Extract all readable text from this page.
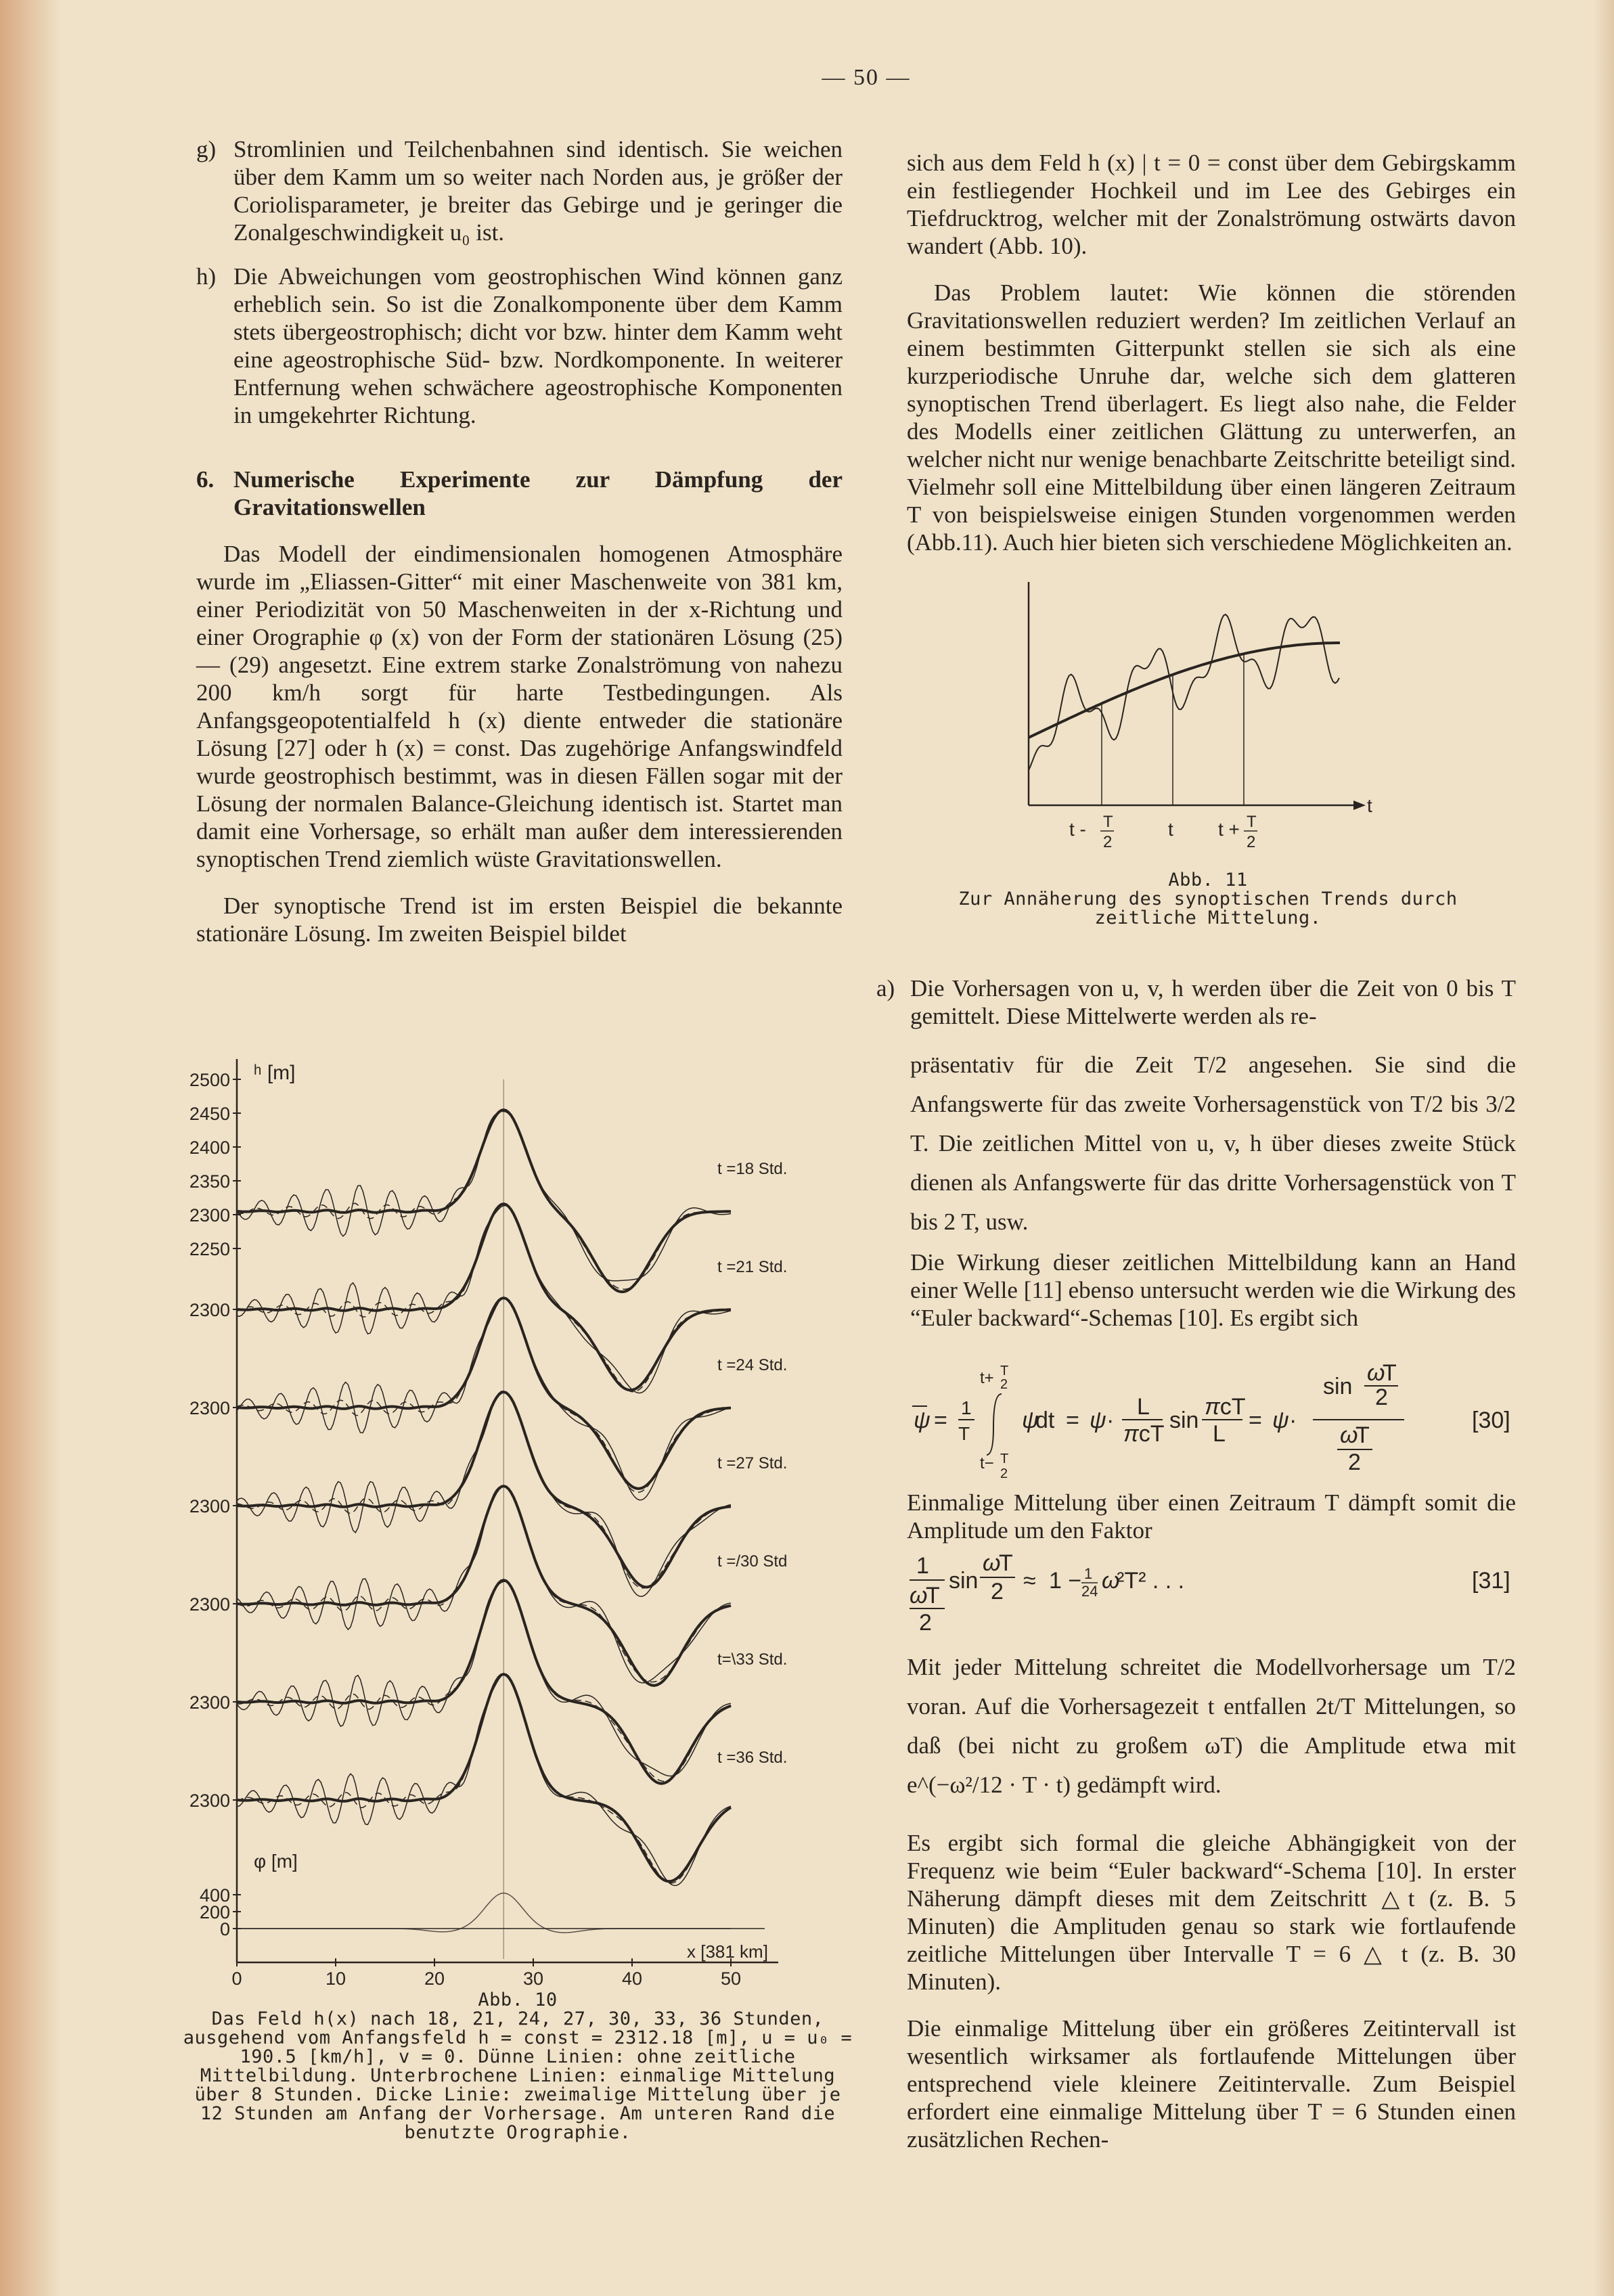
— 50 —
g) Stromlinien und Teilchenbahnen sind identisch. Sie weichen über dem Kamm um so weiter nach Norden aus, je größer der Coriolisparameter, je breiter das Gebirge und je geringer die Zonalgeschwindigkeit u₀ ist.
h) Die Abweichungen vom geostrophischen Wind können ganz erheblich sein. So ist die Zonalkomponente über dem Kamm stets übergeostrophisch; dicht vor bzw. hinter dem Kamm weht eine ageostrophische Süd- bzw. Nordkomponente. In weiterer Entfernung wehen schwächere ageostrophische Komponenten in umgekehrter Richtung.
6. Numerische Experimente zur Dämpfung der Gravitationswellen

Das Modell der eindimensionalen homogenen Atmosphäre wurde im „Eliassen-Gitter“ mit einer Maschenweite von 381 km, einer Periodizität von 50 Maschenweiten in der x-Richtung und einer Orographie φ (x) von der Form der stationären Lösung (25) — (29) angesetzt. Eine extrem starke Zonalströmung von nahezu 200 km/h sorgt für harte Testbedingungen. Als Anfangsgeopotentialfeld h (x) diente entweder die stationäre Lösung [27] oder h (x) = const. Das zugehörige Anfangswindfeld wurde geostrophisch bestimmt, was in diesen Fällen sogar mit der Lösung der normalen Balance-Gleichung identisch ist. Startet man damit eine Vorhersage, so erhält man außer dem interessierenden synoptischen Trend ziemlich wüste Gravitationswellen.

Der synoptische Trend ist im ersten Beispiel die bekannte stationäre Lösung. Im zweiten Beispiel bildet

ʰ [m]
2500
2450
2400
2350
2300
2250
t =18 Std.
2300
t =21 Std.
2300
t =24 Std.
2300
t =27 Std.
2300
t =/30 Std
2300
t=\33 Std.
2300
t =36 Std.
φ [m]
400
200
0
0	10	20	30	40	50
x [381 km]
Abb. 10
Das Feld h(x) nach 18, 21, 24, 27, 30, 33, 36 Stunden, ausgehend vom Anfangsfeld h = const = 2312.18 [m], u = u₀ = 190.5 [km/h], v = 0. Dünne Linien: ohne zeitliche Mittelbildung. Unterbrochene Linien: einmalige Mittelung über 8 Stunden. Dicke Linie: zweimalige Mittelung über je 12 Stunden am Anfang der Vorhersage. Am unteren Rand die benutzte Orographie.

sich aus dem Feld h (x) | t = 0 = const über dem Gebirgskamm ein festliegender Hochkeil und im Lee des Gebirges ein Tiefdrucktrog, welcher mit der Zonalströmung ostwärts davon wandert (Abb. 10).

Das Problem lautet: Wie können die störenden Gravitationswellen reduziert werden? Im zeitlichen Verlauf an einem bestimmten Gitterpunkt stellen sie sich als eine kurzperiodische Unruhe dar, welche sich dem glatteren synoptischen Trend überlagert. Es liegt also nahe, die Felder des Modells einer zeitlichen Glättung zu unterwerfen, an welcher nicht nur wenige benachbarte Zeitschritte beteiligt sind. Vielmehr soll eine Mittelbildung über einen längeren Zeitraum T von beispielsweise einigen Stunden vorgenommen werden (Abb.11). Auch hier bieten sich verschiedene Möglichkeiten an.

t - T
2
t t + T
2
t
Abb. 11
Zur Annäherung des synoptischen Trends durch zeitliche Mittelung.
a) Die Vorhersagen von u, v, h werden über die Zeit von 0 bis T gemittelt. Diese Mittelwerte werden als re-

präsentativ für die Zeit T/2 angesehen. Sie sind die Anfangswerte für das zweite Vorhersagenstück von T/2 bis 3/2 T. Die zeitlichen Mittel von u, v, h über dieses zweite Stück dienen als Anfangswerte für das dritte Vorhersagenstück von T bis 2 T, usw.

Die Wirkung dieser zeitlichen Mittelbildung kann an Hand einer Welle [11] ebenso untersucht werden wie die Wirkung des “Euler backward“-Schemas [10]. Es ergibt sich

ψ = 1
T
t+ T
2
t− T
2
ψ
dt = ψ ·
L
πcT
sin
πcT
L
= ψ ·
sin
ω
T
2
ω
T
2
[30]

Einmalige Mittelung über einen Zeitraum T dämpft somit die Amplitude um den Faktor

1
ω
T
2
sin
ω
T
2 ≈ 1 − 1
24 ω
²T² . . .	[31]

Mit jeder Mittelung schreitet die Modellvorhersage um T/2 voran. Auf die Vorhersagezeit t entfallen 2t/T Mittelungen, so daß (bei nicht zu großem ωT) die Amplitude etwa mit e^(−ω²/12 · T · t) gedämpft wird.

Es ergibt sich formal die gleiche Abhängigkeit von der Frequenz wie beim “Euler backward“-Schema [10]. In erster Näherung dämpft dieses mit dem Zeitschritt △t (z. B. 5 Minuten) die Amplituden genau so stark wie fortlaufende zeitliche Mittelungen über Intervalle T = 6 △ t (z. B. 30 Minuten).

Die einmalige Mittelung über ein größeres Zeitintervall ist wesentlich wirksamer als fortlaufende Mittelungen über entsprechend viele kleinere Zeitintervalle. Zum Beispiel erfordert eine einmalige Mittelung über T = 6 Stunden einen zusätzlichen Rechen-
